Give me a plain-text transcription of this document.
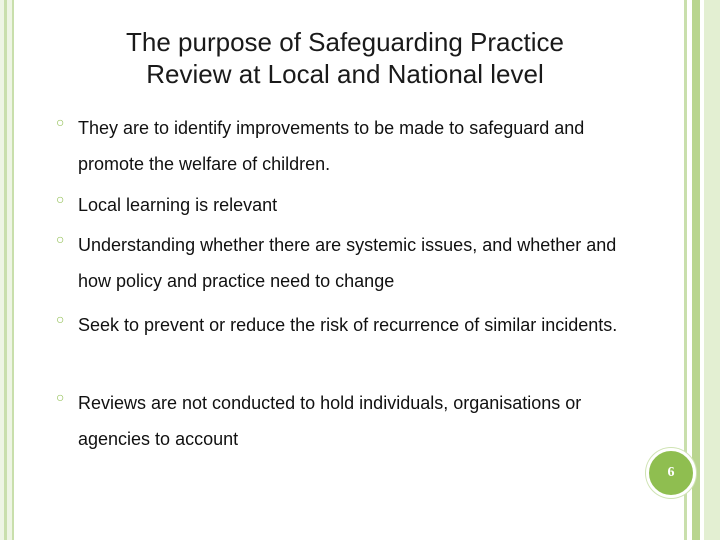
The purpose of Safeguarding Practice
Review at Local and National level
○ They are to identify improvements to be made to safeguard and promote the welfare of children.
○ Local learning is relevant
○ Understanding whether there are systemic issues, and whether and how policy and practice need to change
○ Seek to prevent or reduce the risk of recurrence of similar incidents.
○ Reviews are not conducted to hold individuals, organisations or agencies to account
6
